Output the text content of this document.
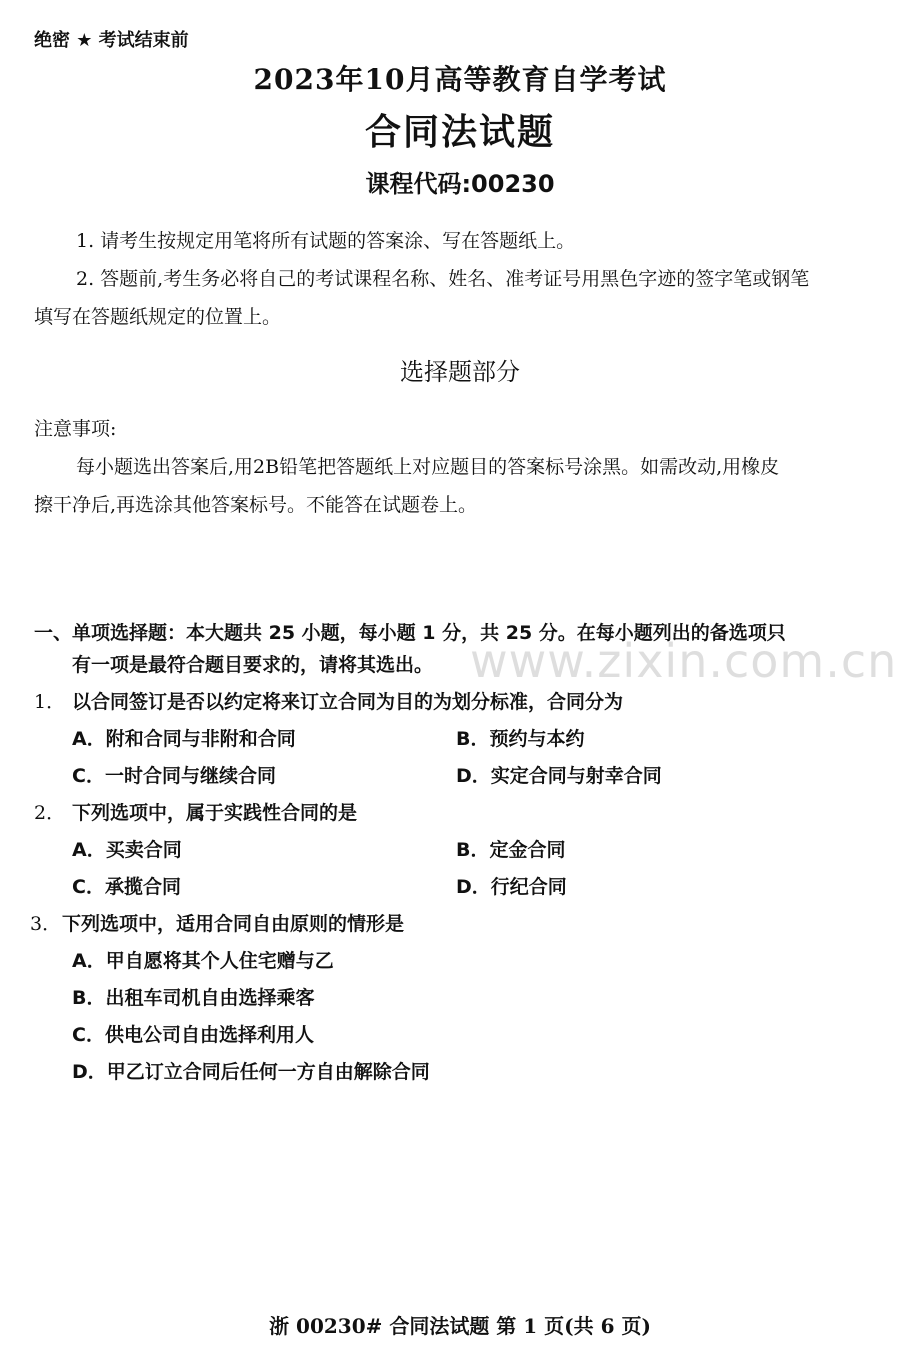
绝密 ★ 考试结束前
2023年10月高等教育自学考试
合同法试题
课程代码:00230
1. 请考生按规定用笔将所有试题的答案涂、写在答题纸上。
2. 答题前,考生务必将自己的考试课程名称、姓名、准考证号用黑色字迹的签字笔或钢笔
填写在答题纸规定的位置上。
选择题部分
注意事项:
每小题选出答案后,用2B铅笔把答题纸上对应题目的答案标号涂黑。如需改动,用橡皮
擦干净后,再选涂其他答案标号。不能答在试题卷上。
www.zixin.com.cn
一、单项选择题：本大题共 25 小题，每小题 1 分，共 25 分。在每小题列出的备选项只
有一项是最符合题目要求的，请将其选出。
1． 以合同签订是否以约定将来订立合同为目的为划分标准，合同分为
A．附和合同与非附和合同	B．预约与本约
C．一时合同与继续合同	D．实定合同与射幸合同
2． 下列选项中，属于实践性合同的是
A．买卖合同	B．定金合同
C．承揽合同	D．行纪合同
3． 下列选项中，适用合同自由原则的情形是
A．甲自愿将其个人住宅赠与乙
B．出租车司机自由选择乘客
C．供电公司自由选择利用人
D．甲乙订立合同后任何一方自由解除合同
浙 00230# 合同法试题 第 1 页(共 6 页)
